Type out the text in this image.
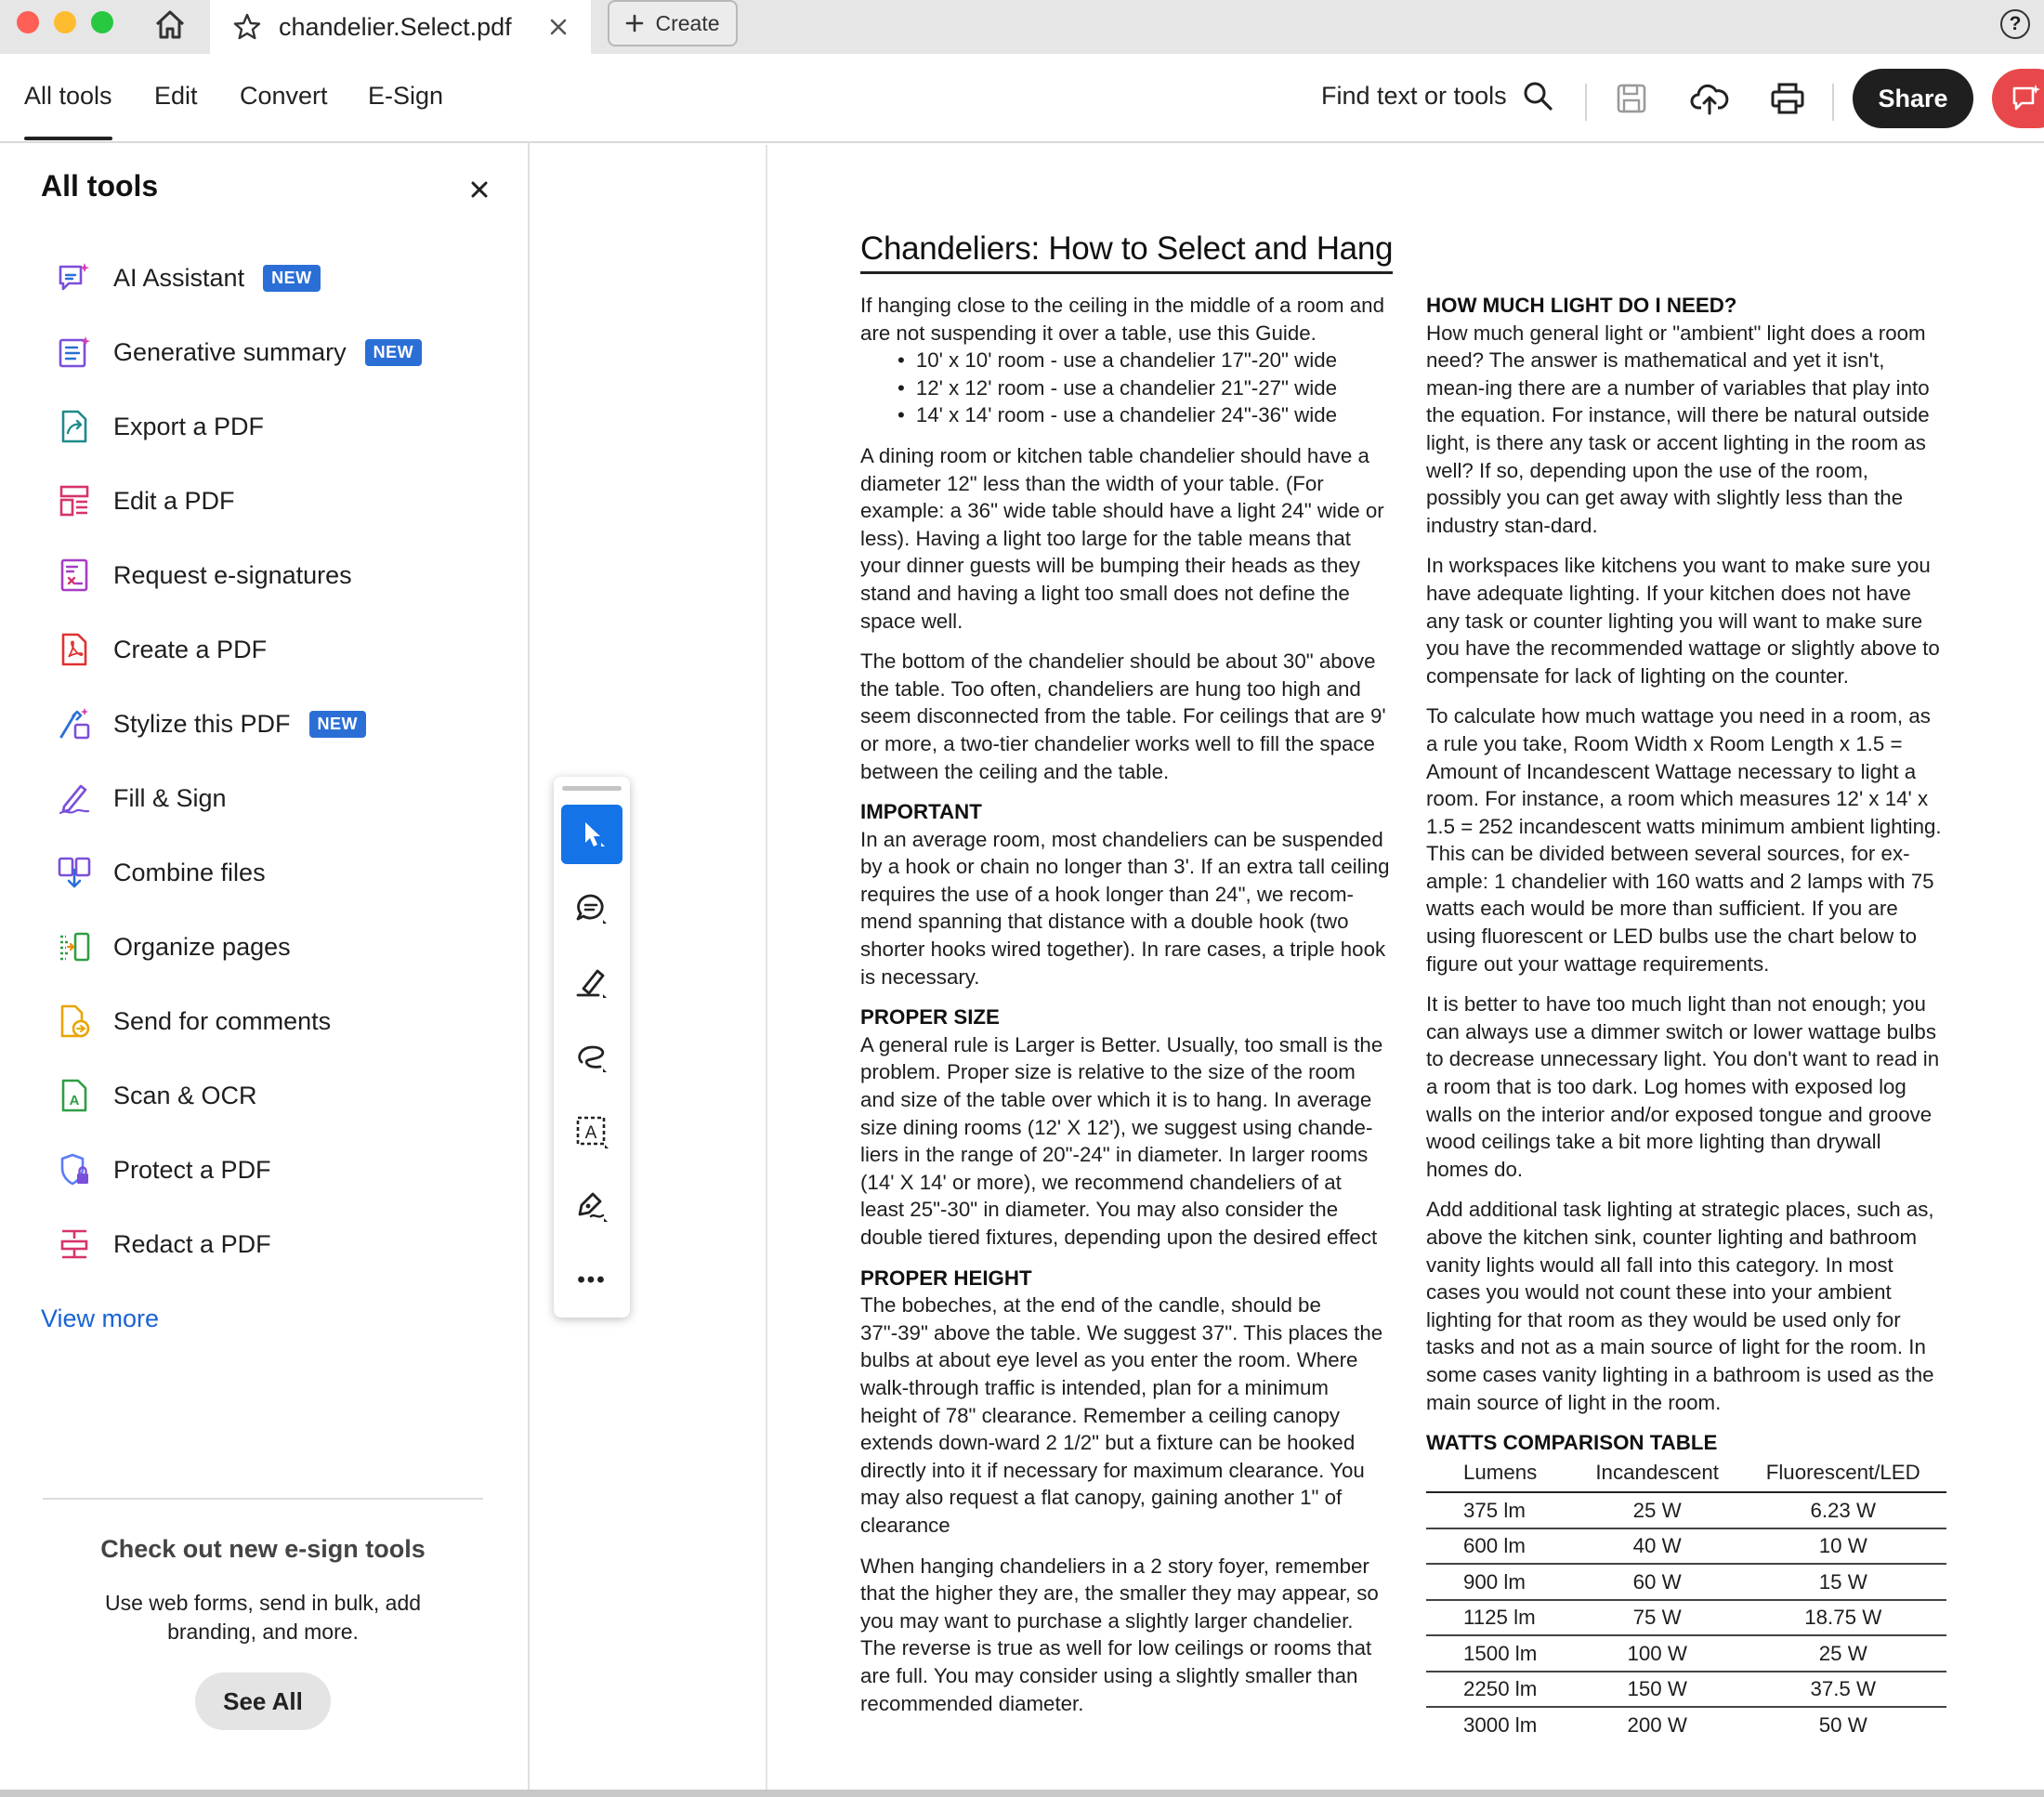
chandelier.Select.pdf	Create	?
All tools Edit Convert E-Sign	Find text or tools	Share
All tools
AI Assistant	NEW
Generative summary	NEW
Export a PDF
Edit a PDF
Request e-signatures
Create a PDF
Stylize this PDF	NEW
Fill & Sign
Combine files
Organize pages
Send for comments
A Scan & OCR
Protect a PDF
Redact a PDF
View more
Check out new e-sign tools
Use web forms, send in bulk, add branding, and more.
See All
A
•••
Chandeliers: How to Select and Hang

If hanging close to the ceiling in the middle of a room and are not suspending it over a table, use this Guide.

• 10' x 10' room - use a chandelier 17"-20" wide
• 12' x 12' room - use a chandelier 21"-27" wide
• 14' x 14' room - use a chandelier 24"-36" wide

A dining room or kitchen table chandelier should have a diameter 12" less than the width of your table. (For example: a 36" wide table should have a light 24" wide or less). Having a light too large for the table means that your dinner guests will be bumping their heads as they stand and having a light too small does not define the space well.

The bottom of the chandelier should be about 30" above the table. Too often, chandeliers are hung too high and seem disconnected from the table. For ceilings that are 9' or more, a two-tier chandelier works well to fill the space between the ceiling and the table.

IMPORTANT

In an average room, most chandeliers can be suspended by a hook or chain no longer than 3'. If an extra tall ceiling requires the use of a hook longer than 24", we recom-mend spanning that distance with a double hook (two shorter hooks wired together). In rare cases, a triple hook is necessary.

PROPER SIZE

A general rule is Larger is Better. Usually, too small is the problem. Proper size is relative to the size of the room and size of the table over which it is to hang. In average size dining rooms (12' X 12'), we suggest using chande-liers in the range of 20"-24" in diameter. In larger rooms (14' X 14' or more), we recommend chandeliers of at least 25"-30" in diameter. You may also consider the double tiered fixtures, depending upon the desired effect

PROPER HEIGHT

The bobeches, at the end of the candle, should be 37"-39" above the table. We suggest 37". This places the bulbs at about eye level as you enter the room. Where walk-through traffic is intended, plan for a minimum height of 78" clearance. Remember a ceiling canopy extends down-ward 2 1/2" but a fixture can be hooked directly into it if necessary for maximum clearance. You may also request a flat canopy, gaining another 1" of clearance

When hanging chandeliers in a 2 story foyer, remember that the higher they are, the smaller they may appear, so you may want to purchase a slightly larger chandelier. The reverse is true as well for low ceilings or rooms that are full. You may consider using a slightly smaller than recommended diameter.

HOW MUCH LIGHT DO I NEED?

How much general light or "ambient" light does a room need? The answer is mathematical and yet it isn't, mean-ing there are a number of variables that play into the equation. For instance, will there be natural outside light, is there any task or accent lighting in the room as well? If so, depending upon the use of the room, possibly you can get away with slightly less than the industry stan-dard.

In workspaces like kitchens you want to make sure you have adequate lighting. If your kitchen does not have any task or counter lighting you will want to make sure you have the recommended wattage or slightly above to compensate for lack of lighting on the counter.

To calculate how much wattage you need in a room, as a rule you take, Room Width x Room Length x 1.5 = Amount of Incandescent Wattage necessary to light a room. For instance, a room which measures 12' x 14' x 1.5 = 252 incandescent watts minimum ambient lighting. This can be divided between several sources, for ex-ample: 1 chandelier with 160 watts and 2 lamps with 75 watts each would be more than sufficient. If you are using fluorescent or LED bulbs use the chart below to figure out your wattage requirements.

It is better to have too much light than not enough; you can always use a dimmer switch or lower wattage bulbs to decrease unnecessary light. You don't want to read in a room that is too dark. Log homes with exposed log walls on the interior and/or exposed tongue and groove wood ceilings take a bit more lighting than drywall homes do.

Add additional task lighting at strategic places, such as, above the kitchen sink, counter lighting and bathroom vanity lights would all fall into this category. In most cases you would not count these into your ambient lighting for that room as they would be used only for tasks and not as a main source of light for the room. In some cases vanity lighting in a bathroom is used as the main source of light in the room.

WATTS COMPARISON TABLE
Lumens	Incandescent	Fluorescent/LED
375 lm	25 W	6.23 W
600 lm	40 W	10 W
900 lm	60 W	15 W
1125 lm	75 W	18.75 W
1500 lm	100 W	25 W
2250 lm	150 W	37.5 W
3000 lm	200 W	50 W
